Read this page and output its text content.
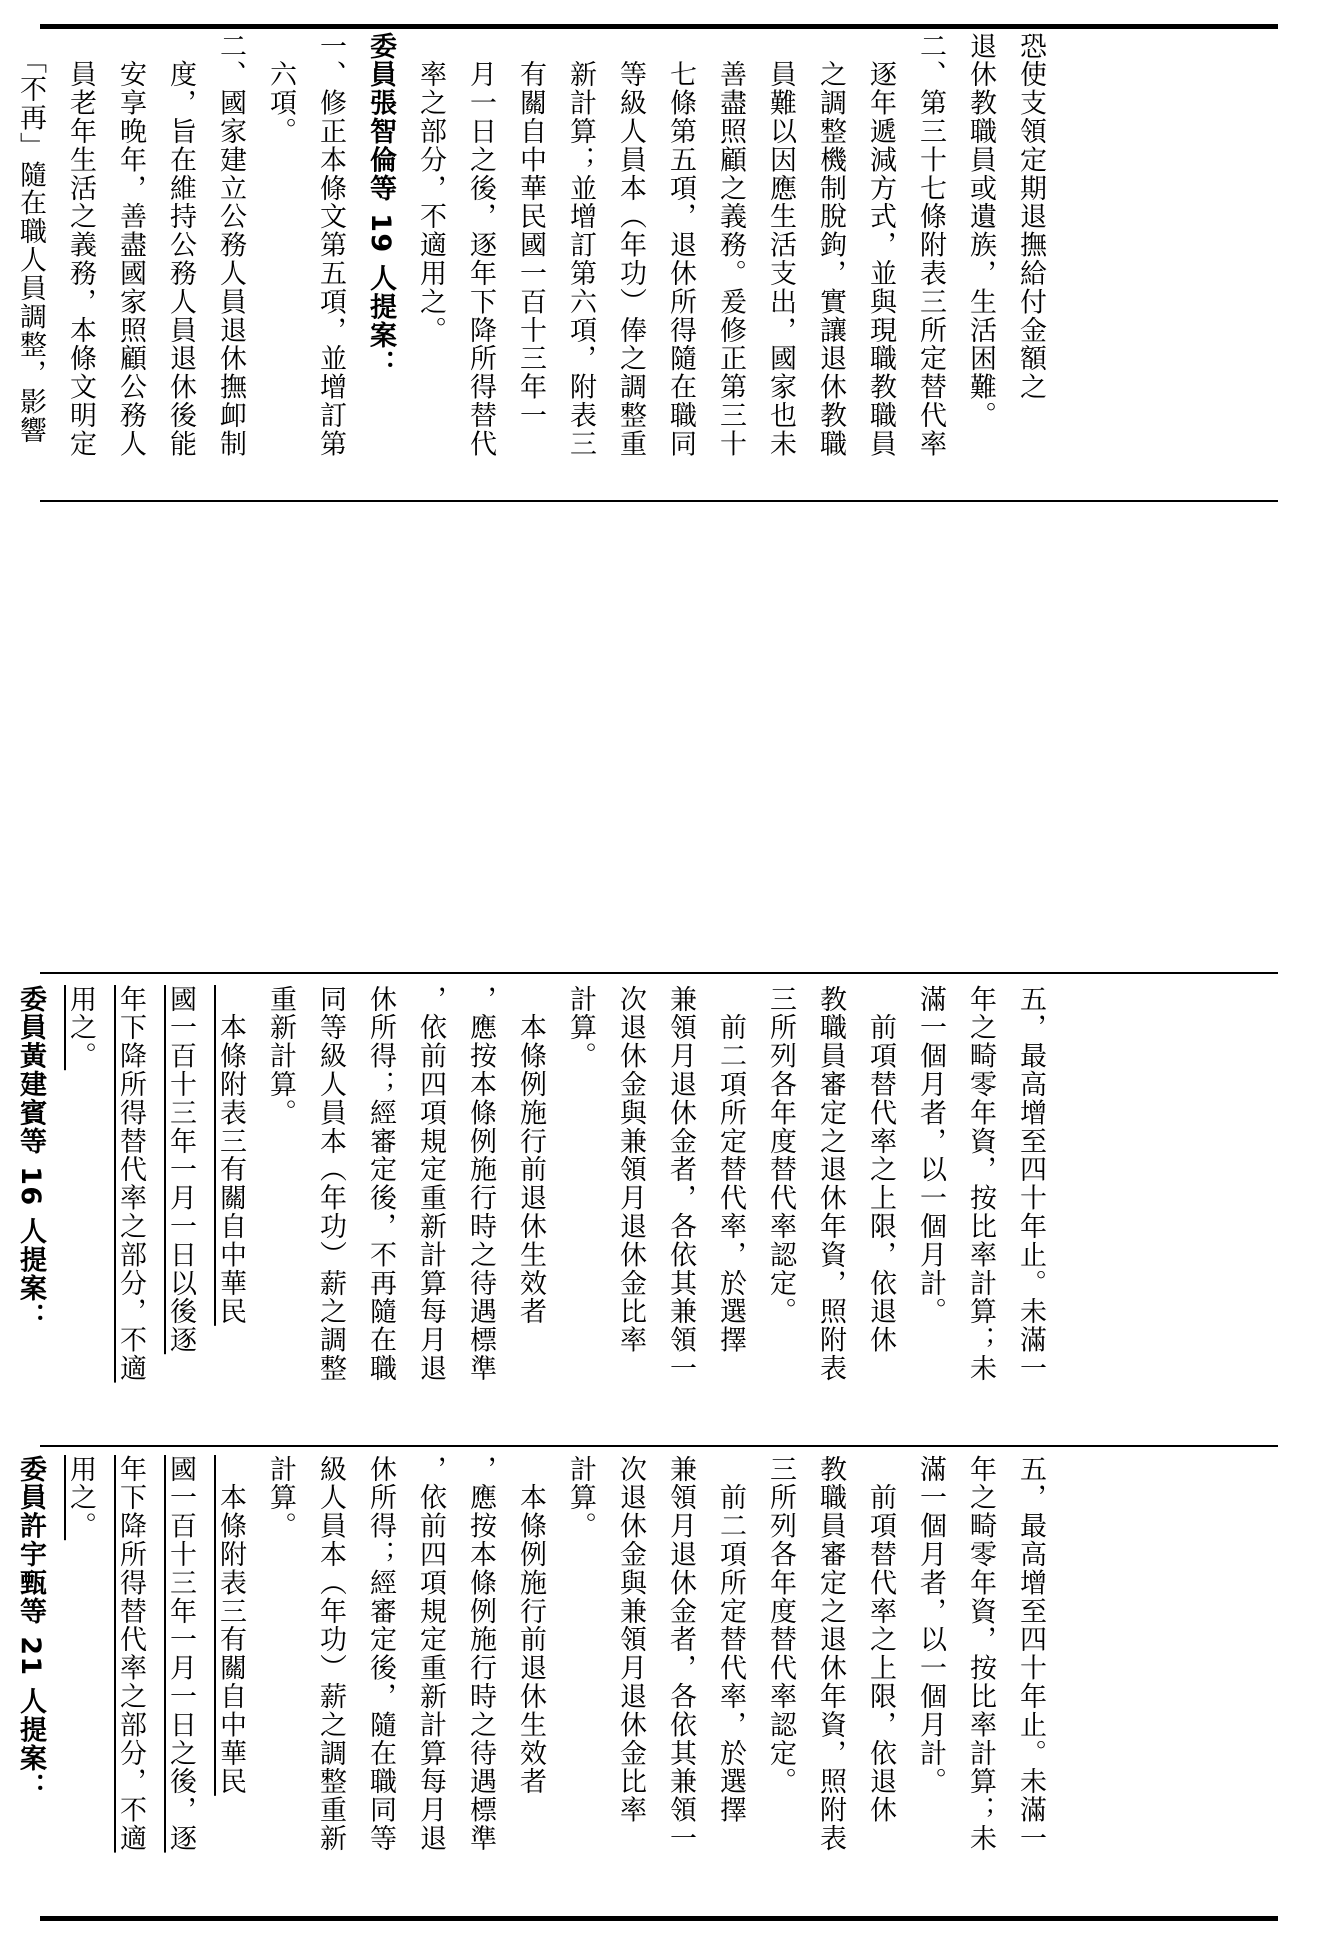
恐使支領定期退撫給付金額之
退休教職員或遺族，生活困難。
二、第三十七條附表三所定替代率
　逐年遞減方式，並與現職教職員
　之調整機制脫鉤，實讓退休教職
　員難以因應生活支出，國家也未
　善盡照顧之義務。爰修正第三十
　七條第五項，退休所得隨在職同
　等級人員本（年功）俸之調整重
　新計算；並增訂第六項，附表三
　有關自中華民國一百十三年一
　月一日之後，逐年下降所得替代
　率之部分，不適用之。
委員張智倫等 19 人提案：
一、修正本條文第五項，並增訂第
　六項。
二、國家建立公務人員退休撫卹制
　度，旨在維持公務人員退休後能
　安享晚年，善盡國家照顧公務人
　員老年生活之義務，本條文明定
　「不再」隨在職人員調整，影響
五，最高增至四十年止。未滿一
年之畸零年資，按比率計算；未
滿一個月者，以一個月計。
　前項替代率之上限，依退休
教職員審定之退休年資，照附表
三所列各年度替代率認定。
　前二項所定替代率，於選擇
兼領月退休金者，各依其兼領一
次退休金與兼領月退休金比率
計算。
　本條例施行前退休生效者
，應按本條例施行時之待遇標準
，依前四項規定重新計算每月退
休所得；經審定後，不再隨在職
同等級人員本（年功）薪之調整
重新計算。
　本條附表三有關自中華民
國一百十三年一月一日以後逐
年下降所得替代率之部分，不適
用之。
委員黃建賓等 16 人提案：
五，最高增至四十年止。未滿一
年之畸零年資，按比率計算；未
滿一個月者，以一個月計。
　前項替代率之上限，依退休
教職員審定之退休年資，照附表
三所列各年度替代率認定。
　前二項所定替代率，於選擇
兼領月退休金者，各依其兼領一
次退休金與兼領月退休金比率
計算。
　本條例施行前退休生效者
，應按本條例施行時之待遇標準
，依前四項規定重新計算每月退
休所得；經審定後，隨在職同等
級人員本（年功）薪之調整重新
計算。
　本條附表三有關自中華民
國一百十三年一月一日之後，逐
年下降所得替代率之部分，不適
用之。
委員許宇甄等 21 人提案：
